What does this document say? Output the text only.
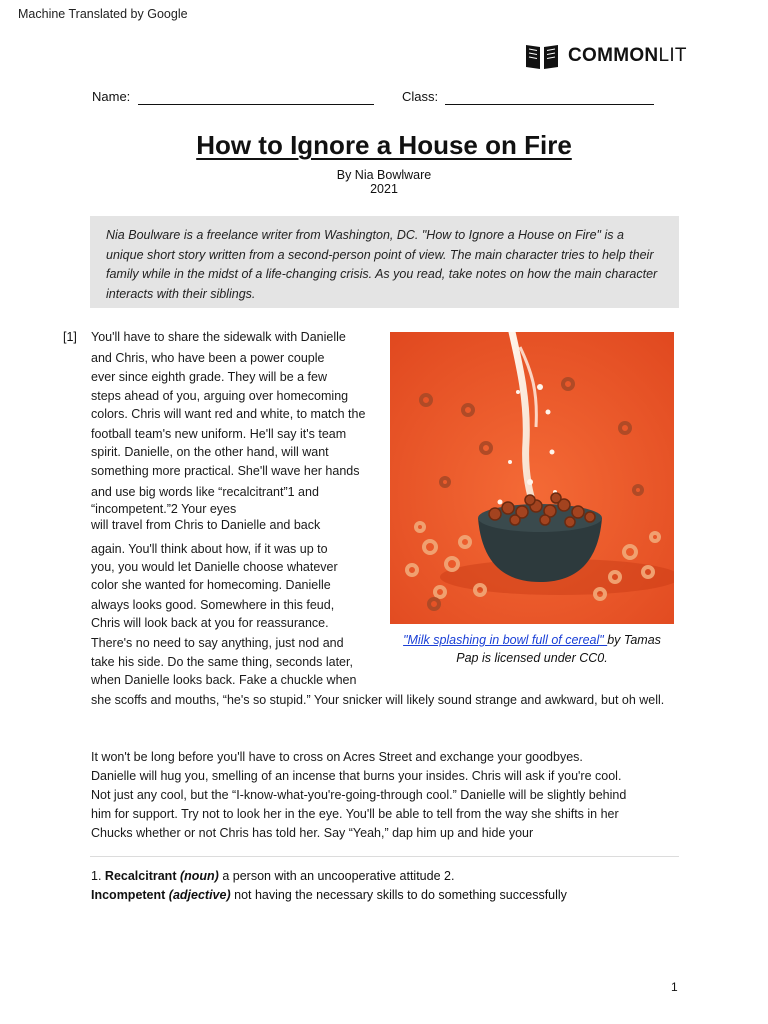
Machine Translated by Google
COMMONLIT
Name:	Class:
How to Ignore a House on Fire
By Nia Bowlware
2021
Nia Boulware is a freelance writer from Washington, DC. "How to Ignore a House on Fire" is a
unique short story written from a second-person point of view. The main character tries to help their
family while in the midst of a life-changing crisis. As you read, take notes on how the main character
interacts with their siblings.
[1] You'll have to share the sidewalk with Danielle
and Chris, who have been a power couple
ever since eighth grade. They will be a few
steps ahead of you, arguing over homecoming
colors. Chris will want red and white, to match the
football team's new uniform. He'll say it's team
spirit. Danielle, on the other hand, will want
something more practical. She'll wave her hands
and use big words like “recalcitrant”1 and
“incompetent.”2 Your eyes
will travel from Chris to Danielle and back
again. You'll think about how, if it was up to
you, you would let Danielle choose whatever
color she wanted for homecoming. Danielle
always looks good. Somewhere in this feud,
Chris will look back at you for reassurance.
There's no need to say anything, just nod and
take his side. Do the same thing, seconds later,
when Danielle looks back. Fake a chuckle when
she scoffs and mouths, “he's so stupid.” Your snicker will likely sound strange and awkward, but oh well.
"Milk splashing in bowl full of cereal" by Tamas
Pap is licensed under CC0.
It won't be long before you'll have to cross on Acres Street and exchange your goodbyes.
Danielle will hug you, smelling of an incense that burns your insides. Chris will ask if you're cool.
Not just any cool, but the “I-know-what-you're-going-through cool.” Danielle will be slightly behind
him for support. Try not to look her in the eye. You'll be able to tell from the way she shifts in her
Chucks whether or not Chris has told her. Say “Yeah,” dap him up and hide your
1. Recalcitrant (noun) a person with an uncooperative attitude 2.
Incompetent (adjective) not having the necessary skills to do something successfully
1
